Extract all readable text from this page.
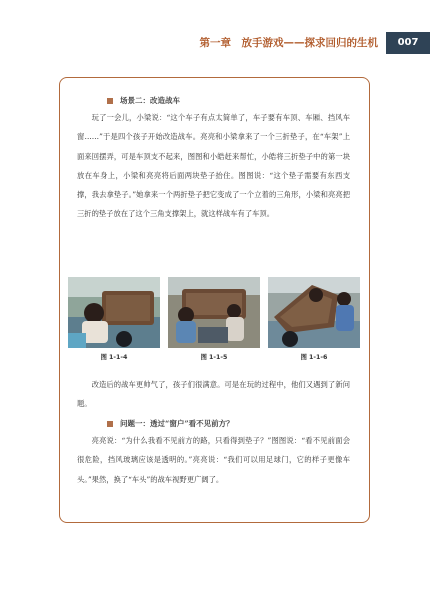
第一章　放手游戏——探求回归的生机	007
场景二：改造战车

玩了一会儿，小梁说：“这个车子有点太简单了，车子要有车顶、车厢、挡风车窗……”于是四个孩子开始改造战车。亮亮和小梁拿来了一个三折垫子，在“车架”上面来回摆弄，可是车顶支不起来，图图和小皓赶来帮忙，小皓将三折垫子中的第一块放在车身上，小梁和亮亮将后面两块垫子抬住。图图说：“这个垫子需要有东西支撑，我去拿垫子。”她拿来一个两折垫子把它变成了一个立着的三角形，小梁和亮亮把三折的垫子放在了这个三角支撑架上，就这样战车有了车顶。

图 1-1-4	图 1-1-5	图 1-1-6

改造后的战车更帅气了，孩子们很满意。可是在玩的过程中，他们又遇到了新问题。

问题一：透过“窗户”看不见前方？

亮亮说：“为什么我看不见前方的路，只看得到垫子？”图图说：“看不见前面会很危险，挡风玻璃应该是透明的。”亮亮说：“我们可以用足球门，它的样子更像车头。”果然，换了“车头”的战车视野更广阔了。
